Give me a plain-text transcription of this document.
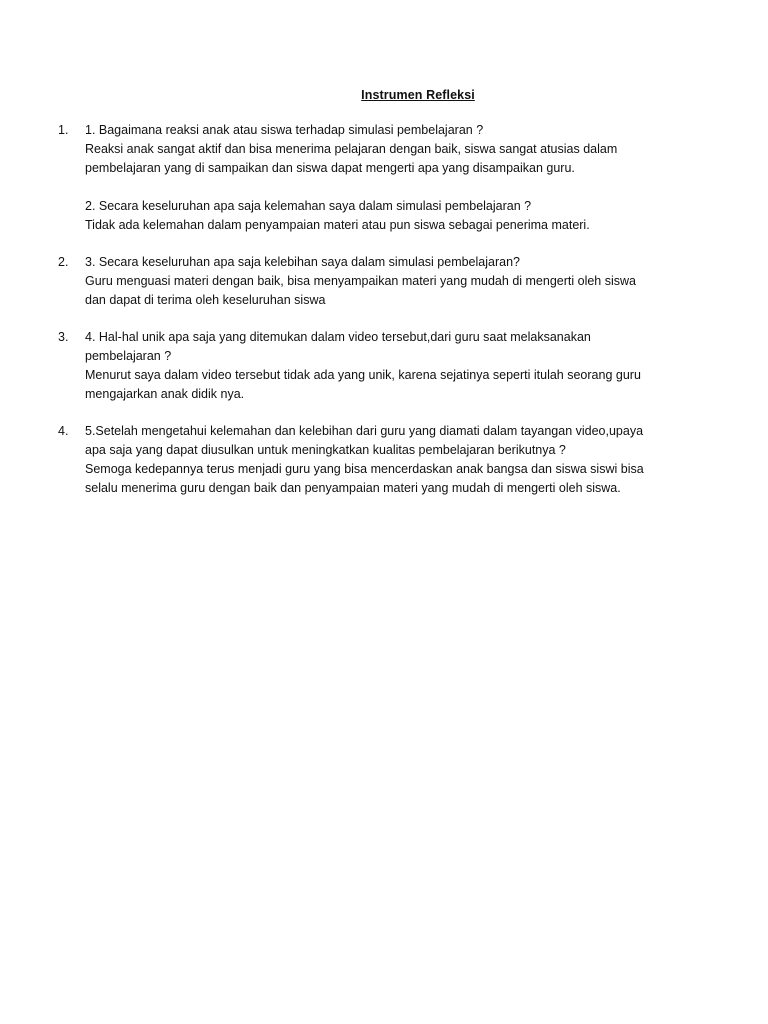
Instrumen Refleksi
1. 1. Bagaimana reaksi anak atau siswa terhadap simulasi pembelajaran ?
Reaksi anak sangat aktif dan bisa menerima pelajaran dengan baik, siswa sangat atusias dalam
pembelajaran yang di sampaikan dan siswa dapat mengerti apa yang disampaikan guru.
2. Secara keseluruhan apa saja kelemahan saya dalam simulasi pembelajaran ?
Tidak ada kelemahan dalam penyampaian materi atau pun siswa sebagai penerima materi.
2. 3. Secara keseluruhan apa saja kelebihan saya dalam simulasi pembelajaran?
Guru menguasi materi dengan baik, bisa menyampaikan materi yang mudah di mengerti oleh siswa
dan dapat di terima oleh keseluruhan siswa
3. 4. Hal-hal unik apa saja yang ditemukan dalam video tersebut,dari guru saat melaksanakan
pembelajaran ?
Menurut saya dalam video tersebut tidak ada yang unik, karena sejatinya seperti itulah seorang guru
mengajarkan anak didik nya.
4. 5.Setelah mengetahui kelemahan dan kelebihan dari guru yang diamati dalam tayangan video,upaya
apa saja yang dapat diusulkan untuk meningkatkan kualitas pembelajaran berikutnya ?
Semoga kedepannya terus menjadi guru yang bisa mencerdaskan anak bangsa dan siswa siswi bisa
selalu menerima guru dengan baik dan penyampaian materi yang mudah di mengerti oleh siswa.
